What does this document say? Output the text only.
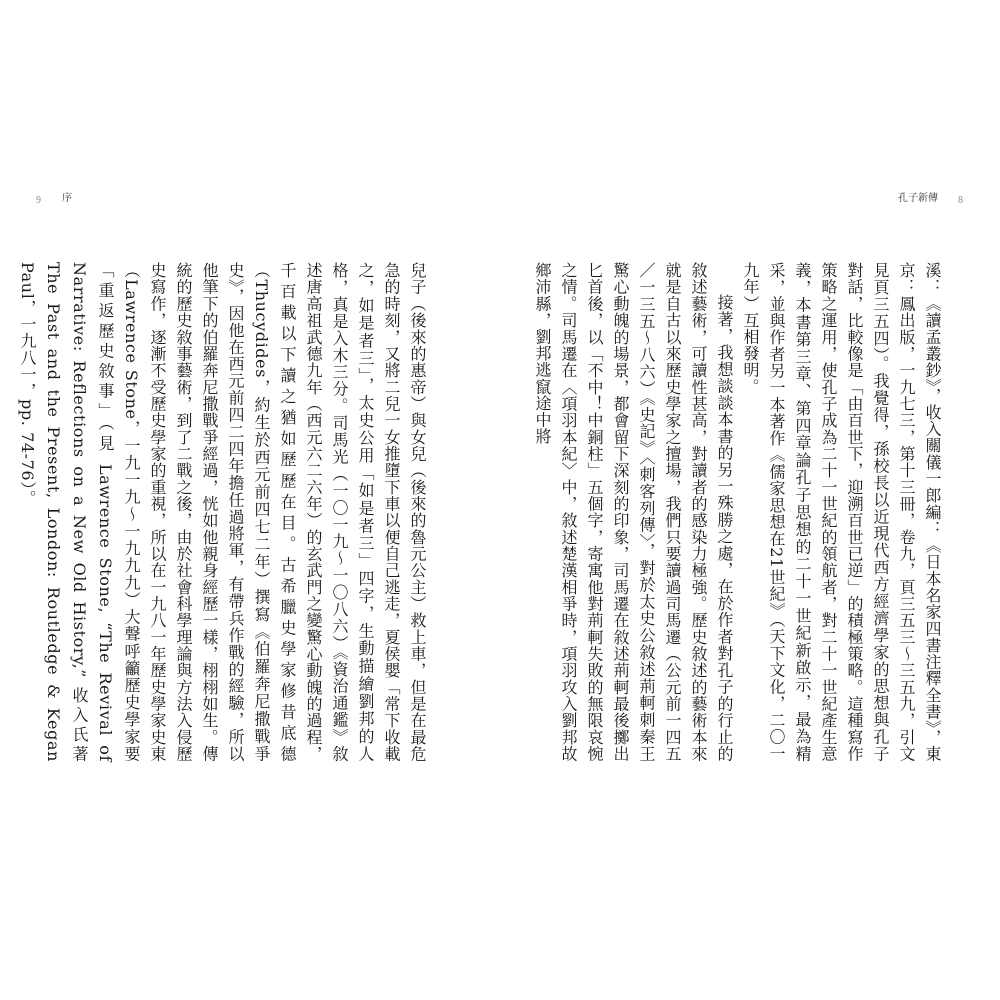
9 序

兒子（後來的惠帝）與女兒（後來的魯元公主）救上車，但是在最危急的時刻，又將二兒一女推墮下車以便自己逃走，夏侯嬰「常下收載之，如是者三」，太史公用「如是者三」四字，生動描繪劉邦的人格，真是入木三分。司馬光（一〇一九～一〇八六）《資治通鑑》敘述唐高祖武德九年（西元六二六年）的玄武門之變驚心動魄的過程，千百載以下讀之猶如歷歷在目。古希臘史學家修昔底德（Thucydides，約生於西元前四七二年）撰寫《伯羅奔尼撒戰爭史》，因他在西元前四二四年擔任過將軍，有帶兵作戰的經驗，所以他筆下的伯羅奔尼撒戰爭經過，恍如他親身經歷一樣，栩栩如生。傳統的歷史敘事藝術，到了二戰之後，由於社會科學理論與方法入侵歷史寫作，逐漸不受歷史學家的重視，所以在一九八一年歷史學家史東（Lawrence Stone，一九一九～一九九九）大聲呼籲歷史學家要「重返歷史敘事」（見 Lawrence Stone, “The Revival of Narrative: Reflections on a New Old History,” 收入氏著 The Past and the Present, London: Routledge & Kegan Paul，一九八一，pp. 74-76）。

孔子新傳 8

溪：《讀孟叢鈔》，收入關儀一郎編：《日本名家四書注釋全書》，東京：鳳出版，一九七三，第十三冊，卷九，頁三五三～三五九，引文見頁三五四）。我覺得，孫校長以近現代西方經濟學家的思想與孔子對話，比較像是「由百世下，迎溯百世已逆」的積極策略。這種寫作策略之運用，使孔子成為二十一世紀的領航者，對二十一世紀產生意義，本書第三章、第四章論孔子思想的二十一世紀新啟示，最為精采，並與作者另一本著作《儒家思想在21世紀》（天下文化，二〇一九年）互相發明。

接著，我想談談本書的另一殊勝之處，在於作者對孔子的行止的敘述藝術，可讀性甚高，對讀者的感染力極強。歷史敘述的藝術本來就是自古以來歷史學家之擅場，我們只要讀過司馬遷（公元前一四五／一三五～八六）《史記》〈刺客列傳〉，對於太史公敘述荊軻刺秦王驚心動魄的場景，都會留下深刻的印象，司馬遷在敘述荊軻最後擲出匕首後，以「不中！中銅柱」五個字，寄寓他對荊軻失敗的無限哀惋之情。司馬遷在〈項羽本紀〉中，敘述楚漢相爭時，項羽攻入劉邦故鄉沛縣，劉邦逃竄途中將
